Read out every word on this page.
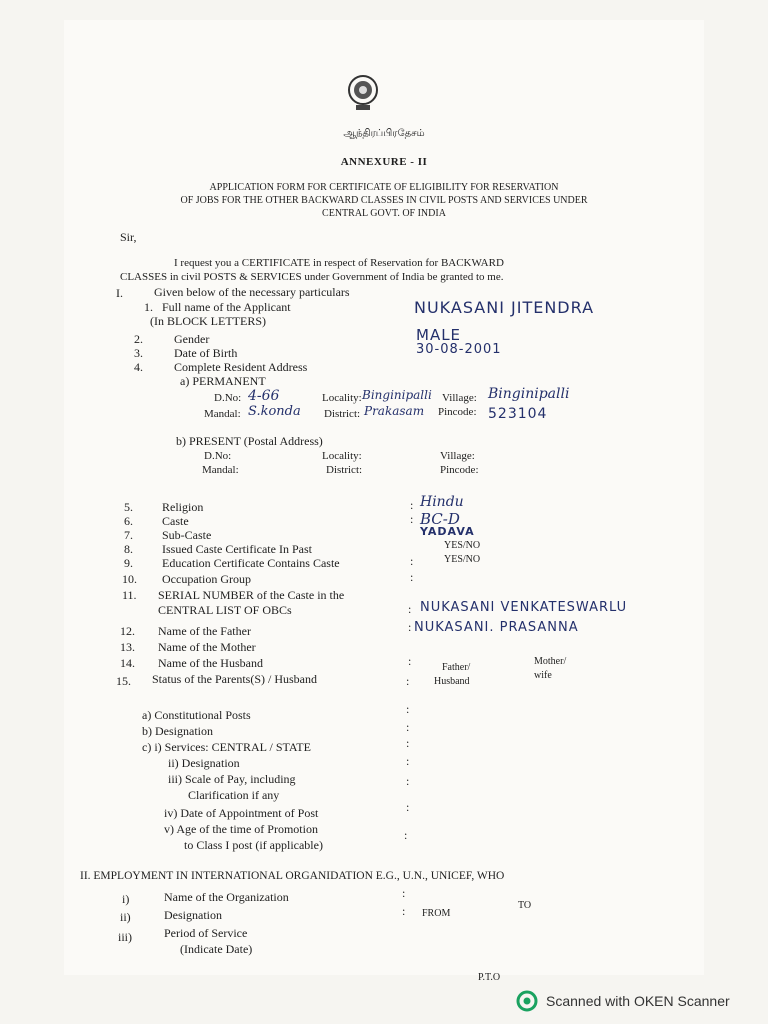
ஆந்திரப்பிரதேசம்
ANNEXURE - II
APPLICATION FORM FOR CERTIFICATE OF ELIGIBILITY FOR RESERVATION
OF JOBS FOR THE OTHER BACKWARD CLASSES IN CIVIL POSTS AND SERVICES UNDER
CENTRAL GOVT. OF INDIA
Sir,
I request you a CERTIFICATE in respect of Reservation for BACKWARD
CLASSES in civil POSTS & SERVICES under Government of India be granted to me.
I.	Given below of the necessary particulars
1. Full name of the Applicant
(In BLOCK LETTERS)
NUKASANI JITENDRA
2.	Gender	MALE
3.	Date of Birth	30-08-2001
4.	Complete Resident Address
a) PERMANENT
D.No: 4-66	Locality: Binginipalli Village: Binginipalli
Mandal: S.konda District: Prakasam Pincode: 523104
b) PRESENT (Postal Address)
D.No:	Locality:	Village:
Mandal:	District:	Pincode:
5. Religion	: Hindu
6. Caste	: BC-D
7. Sub-Caste	YADAVA
8. Issued Caste Certificate In Past	YES/NO
9. Education Certificate Contains Caste	:	YES/NO
10. Occupation Group	:
11. SERIAL NUMBER of the Caste in the
CENTRAL LIST OF OBCs	:
12. Name of the Father	:
NUKASANI VENKATESWARLU
13. Name of the Mother
NUKASANI. PRASANNA
14. Name of the Husband	:
15. Status of the Parents(S) / Husband	:
Father/
Husband
Mother/
wife
a) Constitutional Posts	:
b) Designation	:
c) i) Services: CENTRAL / STATE	:
ii) Designation	:
iii) Scale of Pay, including
Clarification if any
:
iv) Date of Appointment of Post	:
v) Age of the time of Promotion
to Class I post (if applicable)
:
II. EMPLOYMENT IN INTERNATIONAL ORGANIDATION E.G., U.N., UNICEF, WHO
i)	Name of the Organization	:
ii)	Designation	: FROM
TO
iii)	Period of Service
(Indicate Date)
P.T.O
Scanned with OKEN Scanner
